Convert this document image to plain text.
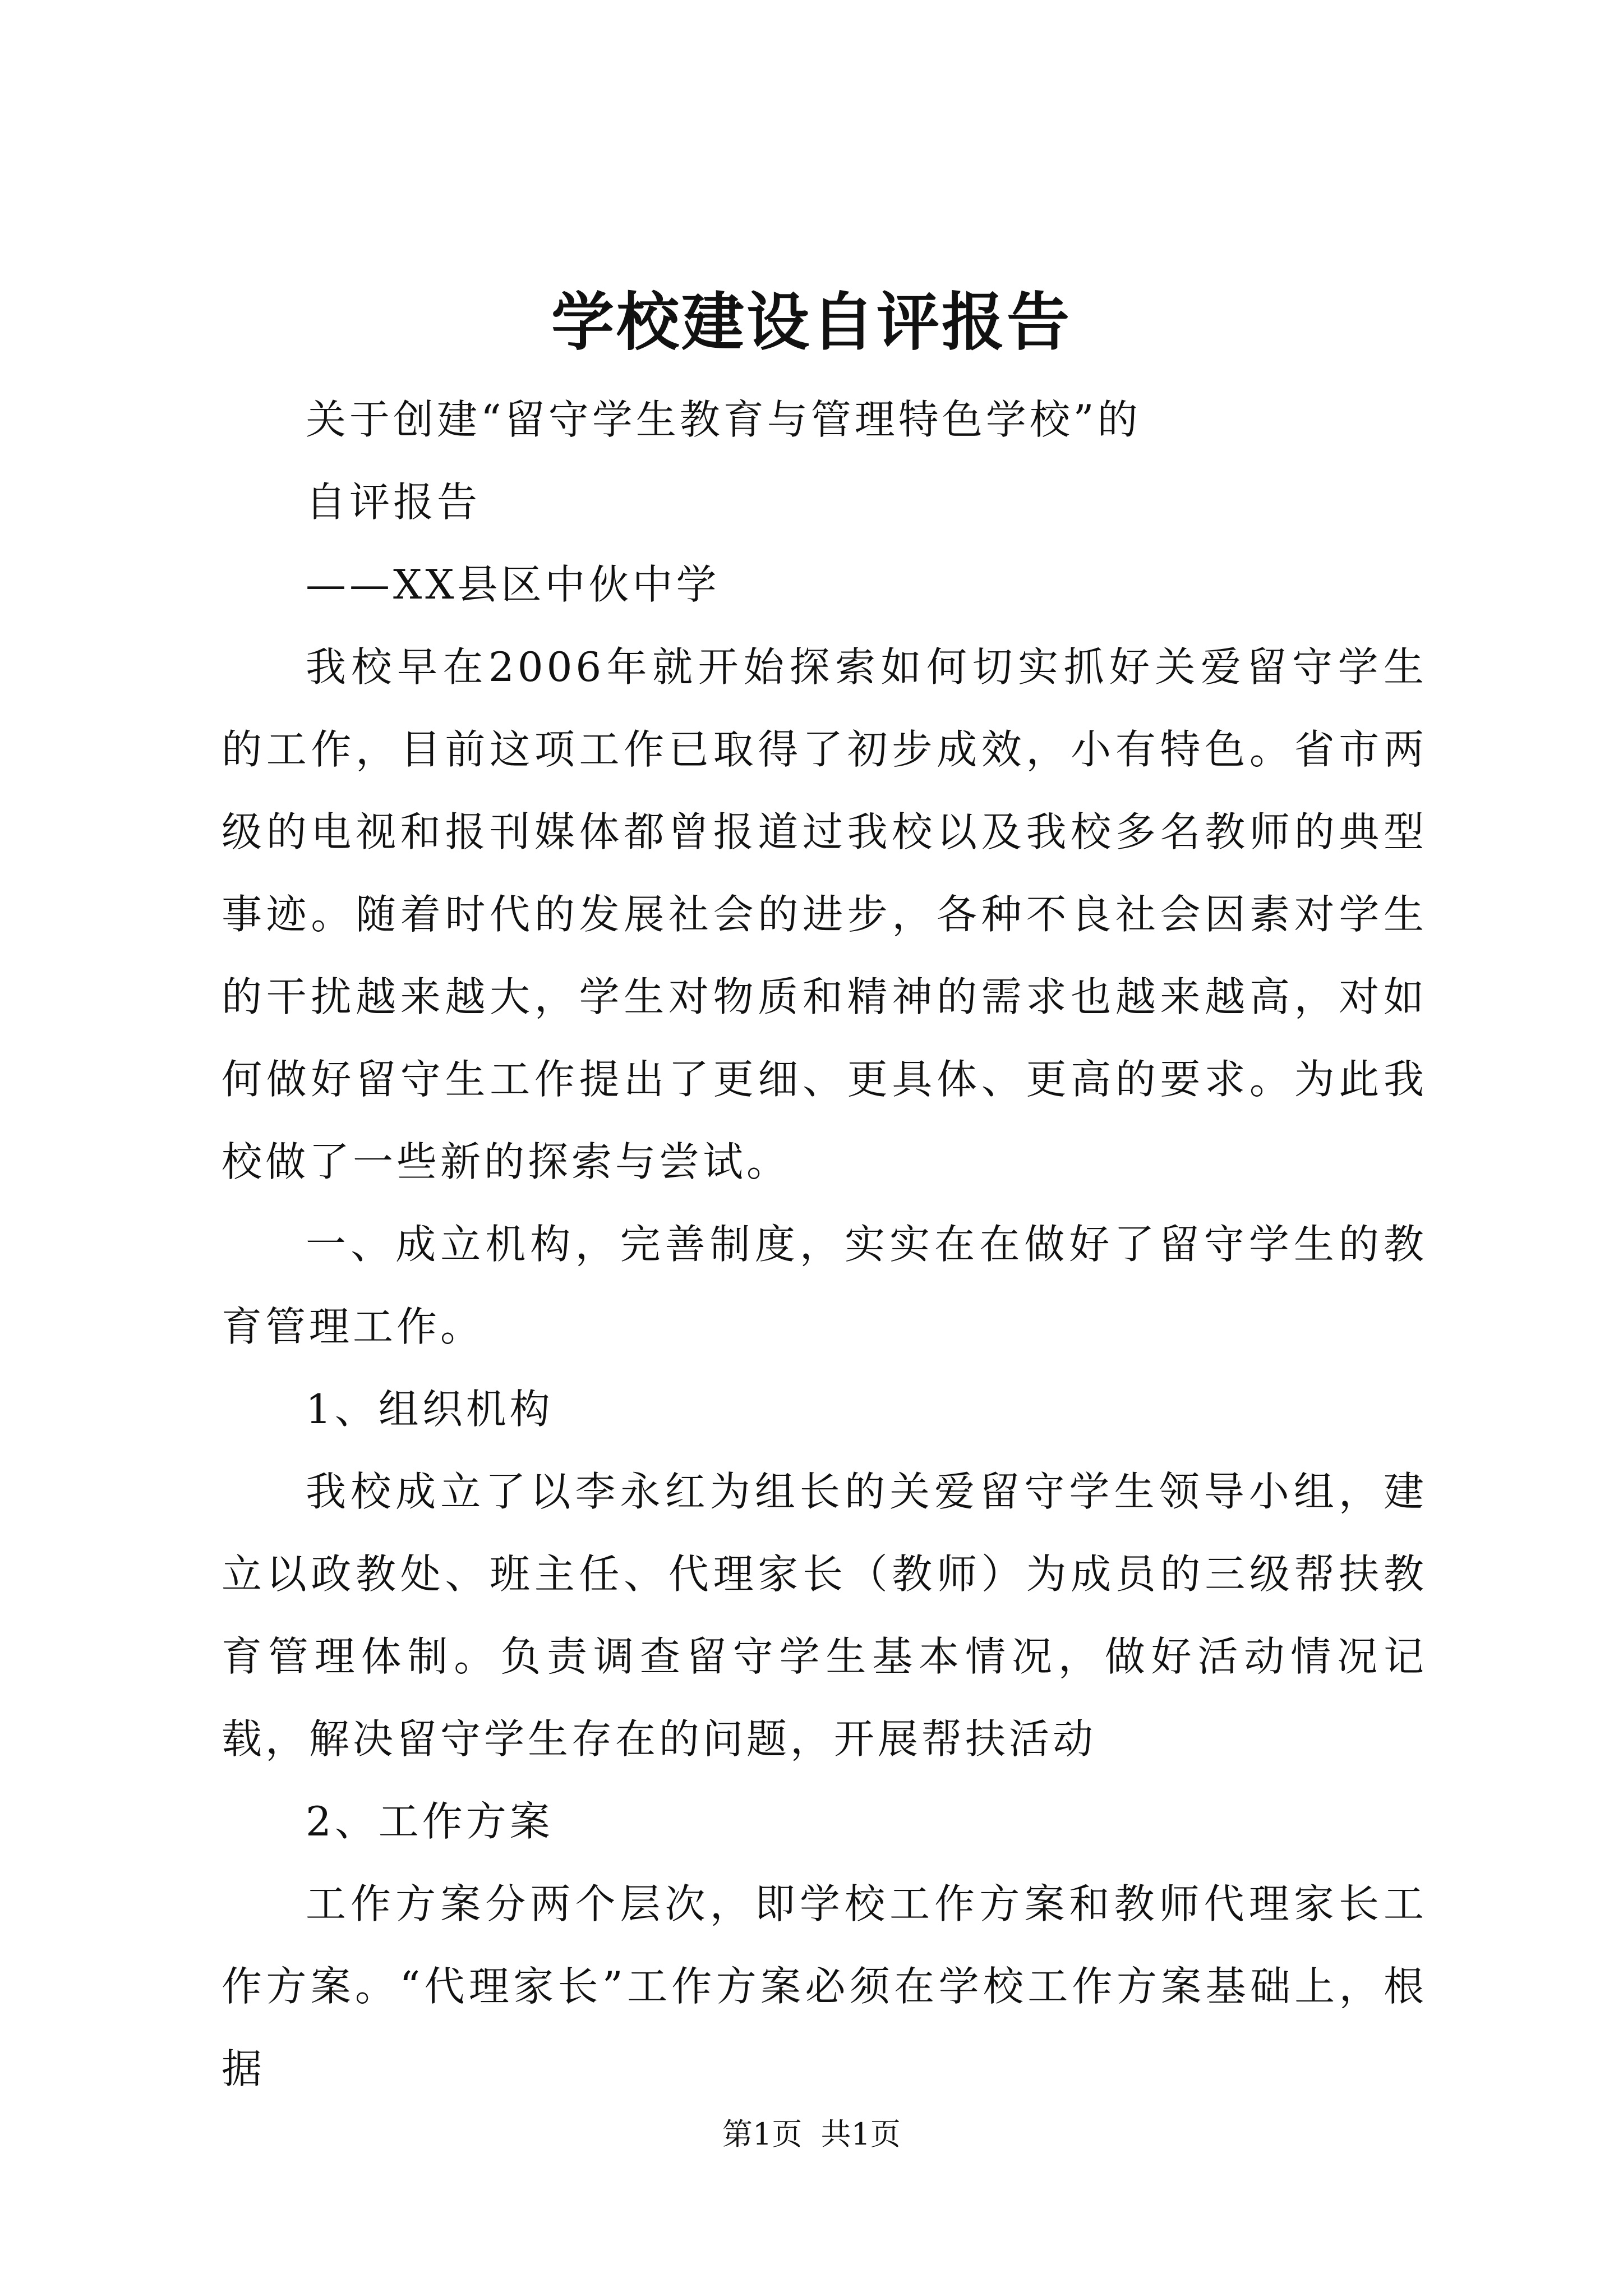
学校建设自评报告

关于创建“留守学生教育与管理特色学校”的

自评报告

——XX县区中伙中学

我校早在2006年就开始探索如何切实抓好关爱留守学生的工作，目前这项工作已取得了初步成效，小有特色。省市两级的电视和报刊媒体都曾报道过我校以及我校多名教师的典型事迹。随着时代的发展社会的进步，各种不良社会因素对学生的干扰越来越大，学生对物质和精神的需求也越来越高，对如何做好留守生工作提出了更细、更具体、更高的要求。为此我校做了一些新的探索与尝试。

一、成立机构，完善制度，实实在在做好了留守学生的教育管理工作。

1、组织机构

我校成立了以李永红为组长的关爱留守学生领导小组，建立以政教处、班主任、代理家长（教师）为成员的三级帮扶教育管理体制。负责调查留守学生基本情况，做好活动情况记载，解决留守学生存在的问题，开展帮扶活动

2、工作方案

工作方案分两个层次，即学校工作方案和教师代理家长工作方案。“代理家长”工作方案必须在学校工作方案基础上，根据

第1页 共1页
